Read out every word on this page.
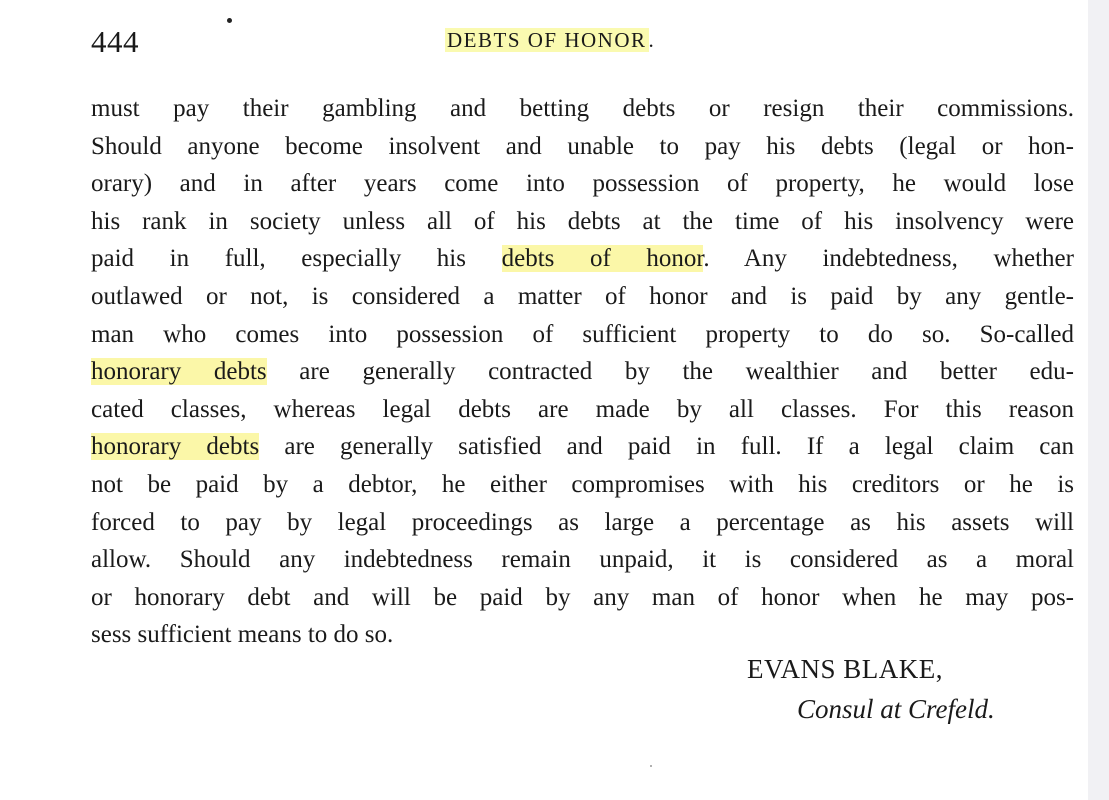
444	DEBTS OF HONOR.
must pay their gambling and betting debts or resign their commissions.
Should anyone become insolvent and unable to pay his debts (legal or hon-
orary) and in after years come into possession of property, he would lose
his rank in society unless all of his debts at the time of his insolvency were
paid in full, especially his debts of honor. Any indebtedness, whether
outlawed or not, is considered a matter of honor and is paid by any gentle-
man who comes into possession of sufficient property to do so. So-called
honorary debts are generally contracted by the wealthier and better edu-
cated classes, whereas legal debts are made by all classes. For this reason
honorary debts are generally satisfied and paid in full. If a legal claim can
not be paid by a debtor, he either compromises with his creditors or he is
forced to pay by legal proceedings as large a percentage as his assets will
allow. Should any indebtedness remain unpaid, it is considered as a moral
or honorary debt and will be paid by any man of honor when he may pos-
sess sufficient means to do so.
EVANS BLAKE,
Consul at Crefeld.
